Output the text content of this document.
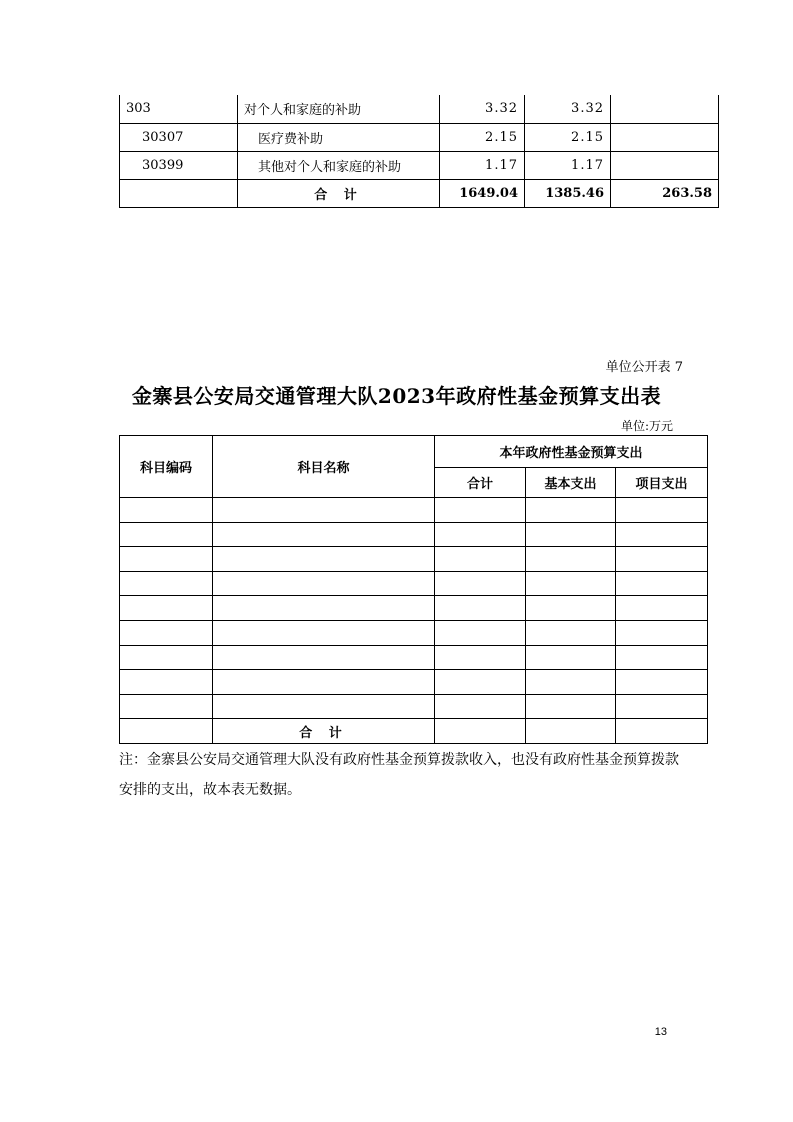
303	对个人和家庭的补助	3.32	3.32	
30307	医疗费补助	2.15	2.15	
30399	其他对个人和家庭的补助	1.17	1.17	
	合 计	1649.04	1385.46	263.58
单位公开表 7
金寨县公安局交通管理大队2023年政府性基金预算支出表
单位:万元
科目编码	科目名称	本年政府性基金预算支出		
		合计	基本支出	项目支出

	合 计			
注：金寨县公安局交通管理大队没有政府性基金预算拨款收入，也没有政府性基金预算拨款安排的支出，故本表无数据。
13
